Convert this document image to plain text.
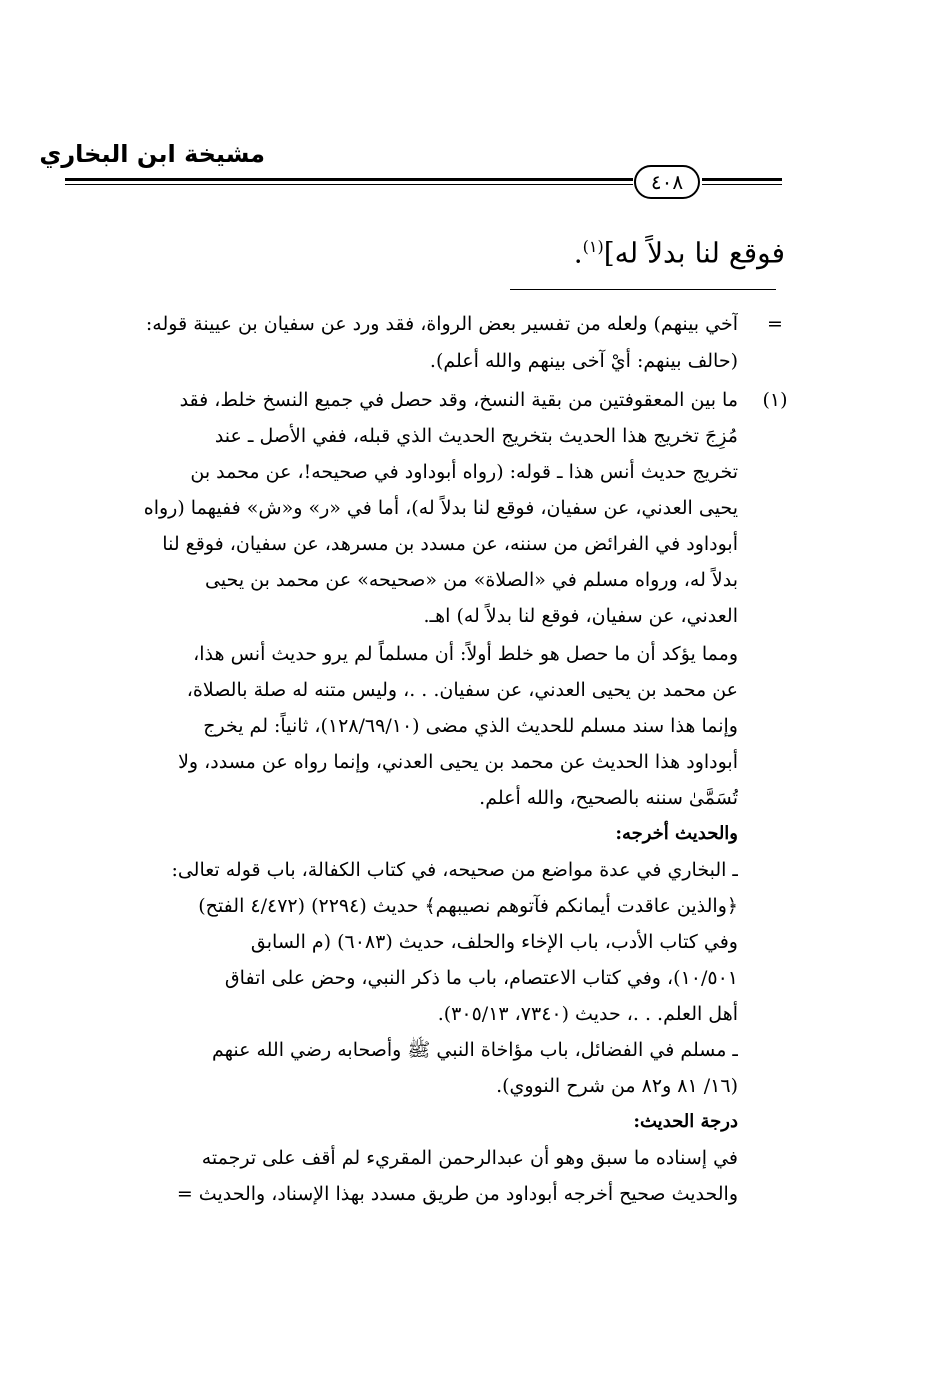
مشيخة ابن البخاري
٤٠٨
فوقع لنا بدلاً له]$^{(١)}$.
=
(١)
آخي بينهم) ولعله من تفسير بعض الرواة، فقد ورد عن سفيان بن عيينة قوله:
(حالف بينهم: أيْ آخى بينهم والله أعلم).
ما بين المعقوفتين من بقية النسخ، وقد حصل في جميع النسخ خلط، فقد
مُزِجَ تخريج هذا الحديث بتخريج الحديث الذي قبله، ففي الأصل ـ عند
تخريج حديث أنس هذا ـ قوله: (رواه أبوداود في صحيحه!، عن محمد بن
يحيى العدني، عن سفيان، فوقع لنا بدلاً له)، أما في «ر» و«ش» ففيهما (رواه
أبوداود في الفرائض من سننه، عن مسدد بن مسرهد، عن سفيان، فوقع لنا
بدلاً له، ورواه مسلم في «الصلاة» من «صحيحه» عن محمد بن يحيى
العدني، عن سفيان، فوقع لنا بدلاً له) اهـ.
ومما يؤكد أن ما حصل هو خلط أولاً: أن مسلماً لم يرو حديث أنس هذا،
عن محمد بن يحيى العدني، عن سفيان. . .، وليس متنه له صلة بالصلاة،
وإنما هذا سند مسلم للحديث الذي مضى (١٢٨/٦٩/١٠)، ثانياً: لم يخرج
أبوداود هذا الحديث عن محمد بن يحيى العدني، وإنما رواه عن مسدد، ولا
تُسَمَّىٰ سننه بالصحيح، والله أعلم.
والحديث أخرجه:
ـ البخاري في عدة مواضع من صحيحه، في كتاب الكفالة، باب قوله تعالى:
﴿والذين عاقدت أيمانكم فآتوهم نصيبهم﴾ حديث (٢٢٩٤) (٤/٤٧٢ الفتح)
وفي كتاب الأدب، باب الإخاء والحلف، حديث (٦٠٨٣) (م السابق
١٠/٥٠١)، وفي كتاب الاعتصام، باب ما ذكر النبي، وحض على اتفاق
أهل العلم. . .، حديث (٧٣٤٠، ٣٠٥/١٣).
ـ مسلم في الفضائل، باب مؤاخاة النبي ﷺ وأصحابه رضي الله عنهم
(١٦/ ٨١ و٨٢ من شرح النووي).
درجة الحديث:
في إسناده ما سبق وهو أن عبدالرحمن المقريء لم أقف على ترجمته
والحديث صحيح أخرجه أبوداود من طريق مسدد بهذا الإسناد، والحديث =
